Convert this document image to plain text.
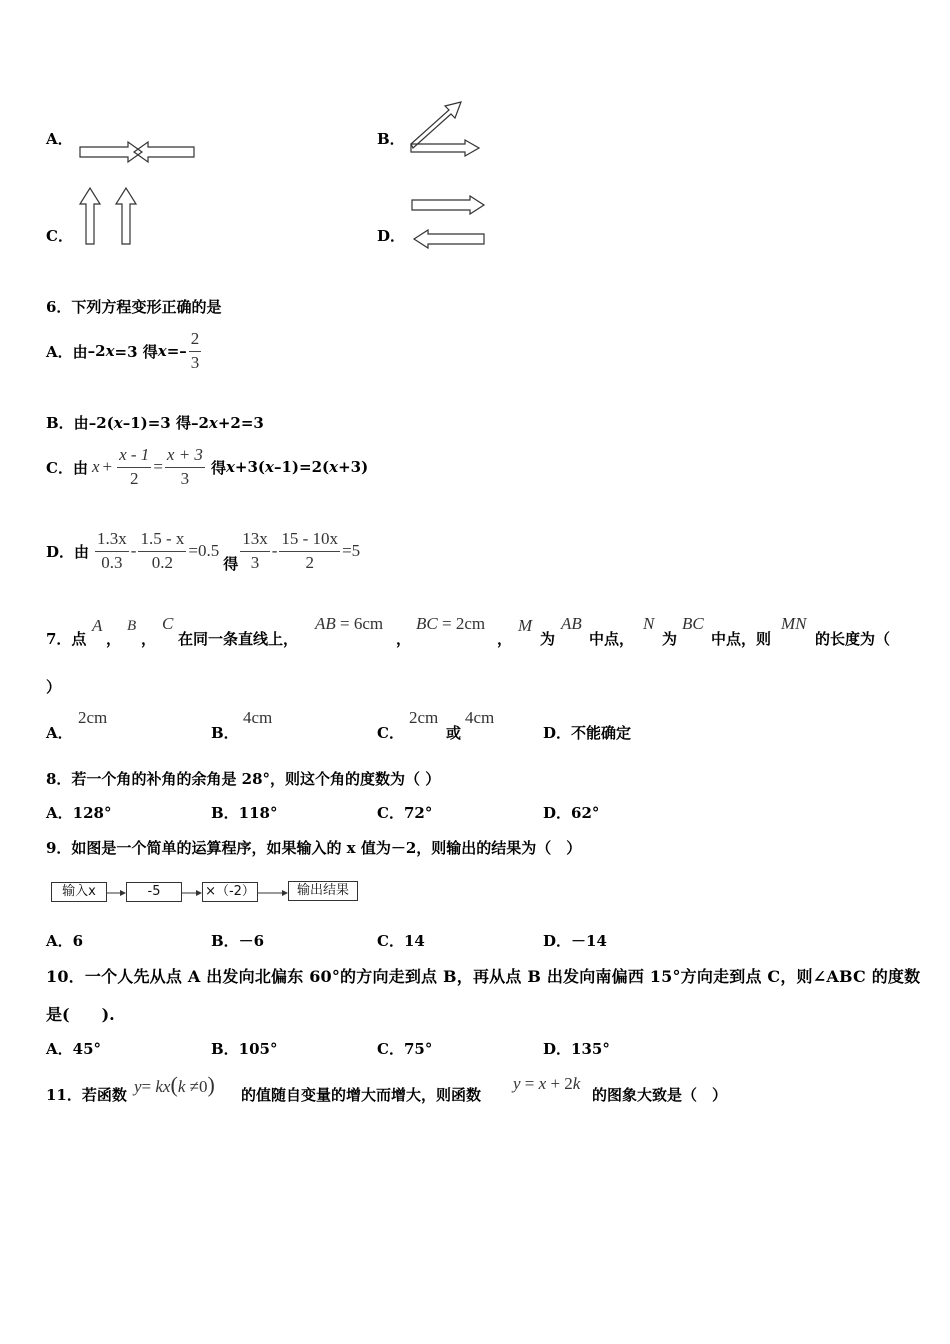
A．	B．
C．	D．
6．下列方程变形正确的是
A．由 –2 x =3 得 $x =- \frac{2}{3}$
B．由–2(x–1)=3 得–2x+2=3
C．由 $x + \frac{x - 1}{2} = \frac{x + 3}{3}$ 得 x +3( x –1)=2( x +3)
D．由 $\frac{1.3x}{0.3} - \frac{1.5 - x}{0.2} =0.5$
得 $\frac{13x}{3} - \frac{15 - 10x}{2} =5$
7．点
A
，
B
，
C
在同一条直线上，
AB = 6cm
，
BC = 2cm
，
M
为
AB
中点，
N
为
BC
中点，则
MN
的长度为（
）
A．
2cm
B．
4cm
C．
2cm
或
4cm
D．不能确定
8．若一个角的补角的余角是 28°，则这个角的度数为（ ）
A．128°	B．118°	C．72°	D．62°
9．如图是一个简单的运算程序，如果输入的 x 值为－2，则输出的结果为（　）
输入x	-5	×（-2）	输出结果
A．6	B．－6	C．14	D．－14
10．一个人先从点 A 出发向北偏东 60°的方向走到点 B，再从点 B 出发向南偏西 15°方向走到点 C，则∠ABC 的度数
是(　　).
A．45°	B．105°	C．75°	D．135°
11．若函数 y= kx(k ≠0) 的值随自变量的增大而增大，则函数
y = x + 2k
的图象大致是（　）
